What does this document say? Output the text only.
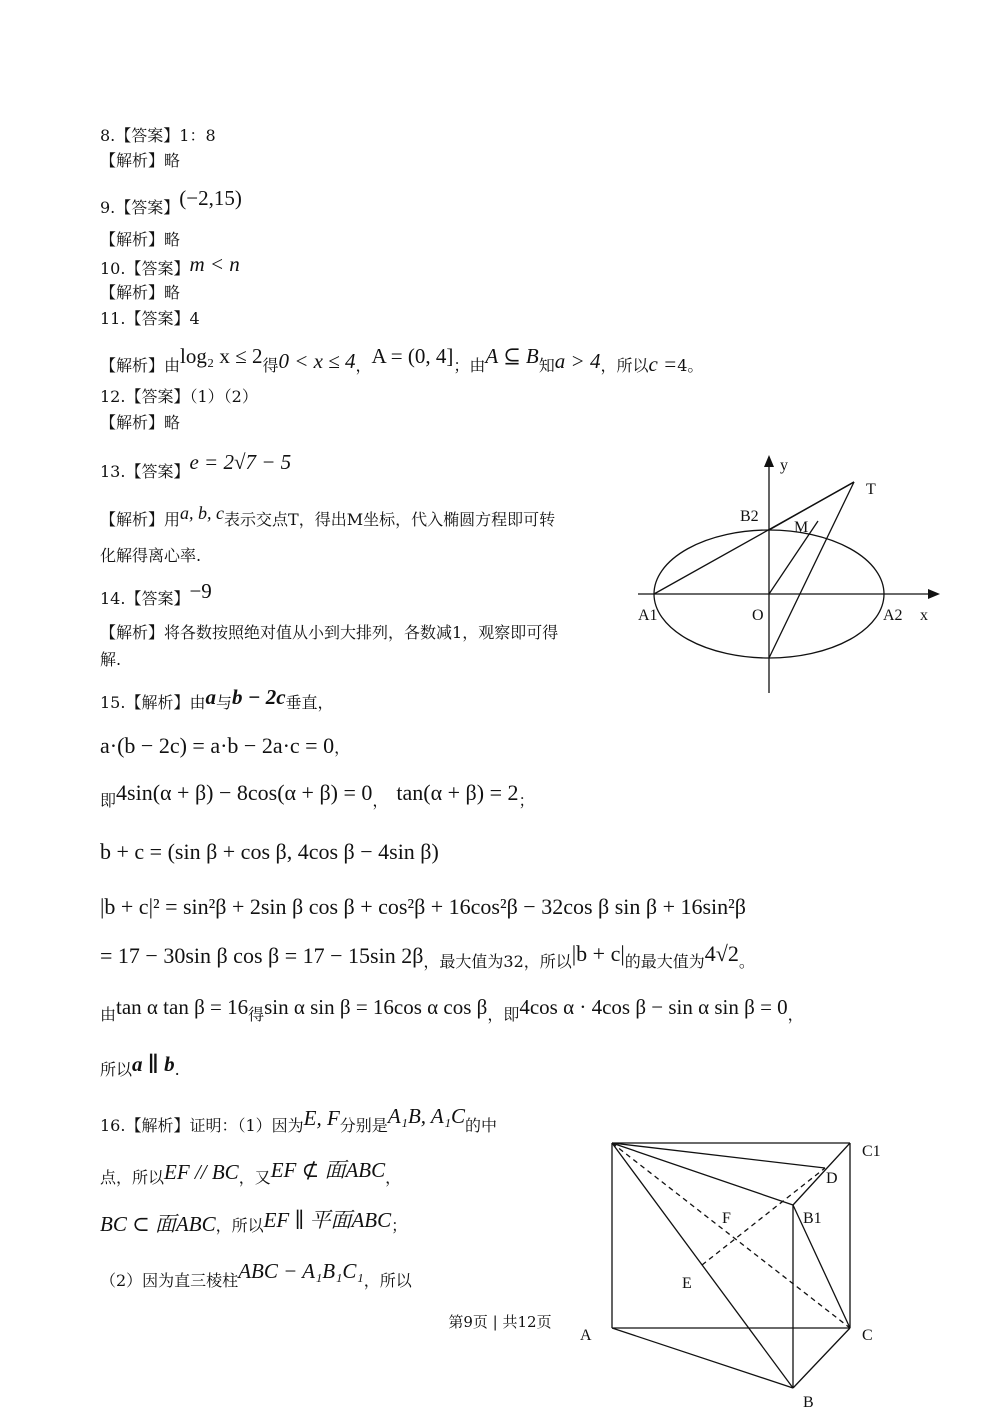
8.【答案】1：8
【解析】略
9.【答案】(−2,15)
【解析】略
10.【答案】m < n
【解析】略
11.【答案】4
【解析】由log₂ x ≤ 2得0 < x ≤ 4，A = (0, 4]；由A ⊆ B知a > 4，所以c =4。
12.【答案】（1）（2）
【解析】略
13.【答案】e = 2√7 − 5
【解析】用a, b, c表示交点T，得出M坐标，代入椭圆方程即可转
化解得离心率.
14.【答案】−9
【解析】将各数按照绝对值从小到大排列，各数减1，观察即可得
解.
15.【解析】由a与b − 2c垂直，
a·(b − 2c) = a·b − 2a·c = 0，
即4sin(α + β) − 8cos(α + β) = 0， tan(α + β) = 2；
b + c = (sin β + cos β, 4cos β − 4sin β)
|b + c|² = sin²β + 2sin β cos β + cos²β + 16cos²β − 32cos β sin β + 16sin²β
= 17 − 30sin β cos β = 17 − 15sin 2β，最大值为32，所以|b + c|的最大值为4√2。
由tan α tan β = 16得sin α sin β = 16cos α cos β，即4cos α · 4cos β − sin α sin β = 0，
所以a ∥ b.
16.【解析】证明：（1）因为E, F分别是A₁B, A₁C的中
点，所以EF // BC，又EF ⊄ 面ABC，
BC ⊂ 面ABC，所以EF ∥ 平面ABC；
（2）因为直三棱柱ABC − A₁B₁C₁，所以
y
T
B2
M
A1	O	A2 x
C1
D
F	B1
E
A	C
B
第9页 | 共12页
